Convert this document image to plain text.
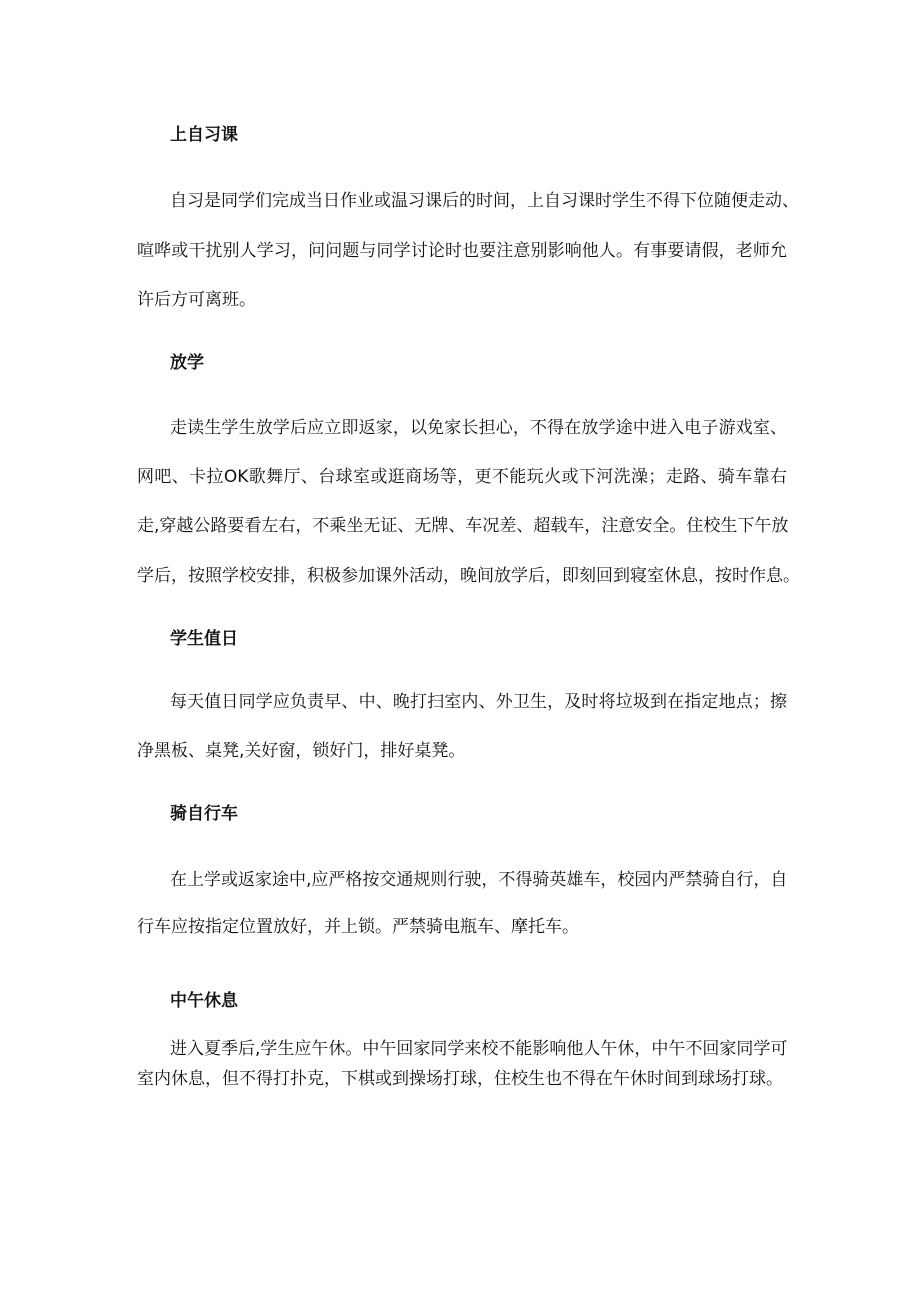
上自习课

自习是同学们完成当日作业或温习课后的时间，上自习课时学生不得下位随便走动、

喧哗或干扰别人学习，问问题与同学讨论时也要注意别影响他人。有事要请假，老师允

许后方可离班。

放学

走读生学生放学后应立即返家，以免家长担心，不得在放学途中进入电子游戏室、

网吧、卡拉OK歌舞厅、台球室或逛商场等，更不能玩火或下河洗澡；走路、骑车靠右

走,穿越公路要看左右，不乘坐无证、无牌、车况差、超载车，注意安全。住校生下午放

学后，按照学校安排，积极参加课外活动，晚间放学后，即刻回到寝室休息，按时作息。

学生值日

每天值日同学应负责早、中、晚打扫室内、外卫生，及时将垃圾到在指定地点；擦

净黑板、桌凳,关好窗，锁好门，排好桌凳。

骑自行车

在上学或返家途中,应严格按交通规则行驶，不得骑英雄车，校园内严禁骑自行，自

行车应按指定位置放好，并上锁。严禁骑电瓶车、摩托车。

中午休息

进入夏季后,学生应午休。中午回家同学来校不能影响他人午休，中午不回家同学可

室内休息，但不得打扑克，下棋或到操场打球，住校生也不得在午休时间到球场打球。
